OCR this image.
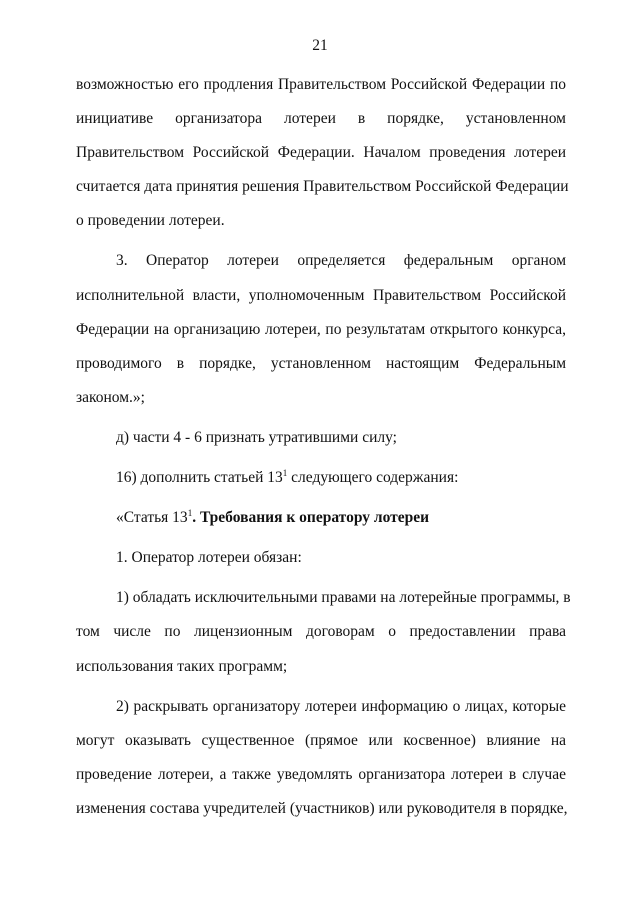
21

возможностью его продления Правительством Российской Федерации по
инициативе организатора лотереи в порядке, установленном
Правительством Российской Федерации. Началом проведения лотереи
считается дата принятия решения Правительством Российской Федерации
о проведении лотереи.

3. Оператор лотереи определяется федеральным органом
исполнительной власти, уполномоченным Правительством Российской
Федерации на организацию лотереи, по результатам открытого конкурса,
проводимого в порядке, установленном настоящим Федеральным
законом.»;

д) части 4 - 6 признать утратившими силу;

16) дополнить статьей $13^1$ следующего содержания:

«Статья $13^1$. Требования к оператору лотереи

1. Оператор лотереи обязан:

1) обладать исключительными правами на лотерейные программы, в
том числе по лицензионным договорам о предоставлении права
использования таких программ;

2) раскрывать организатору лотереи информацию о лицах, которые
могут оказывать существенное (прямое или косвенное) влияние на
проведение лотереи, а также уведомлять организатора лотереи в случае
изменения состава учредителей (участников) или руководителя в порядке,
